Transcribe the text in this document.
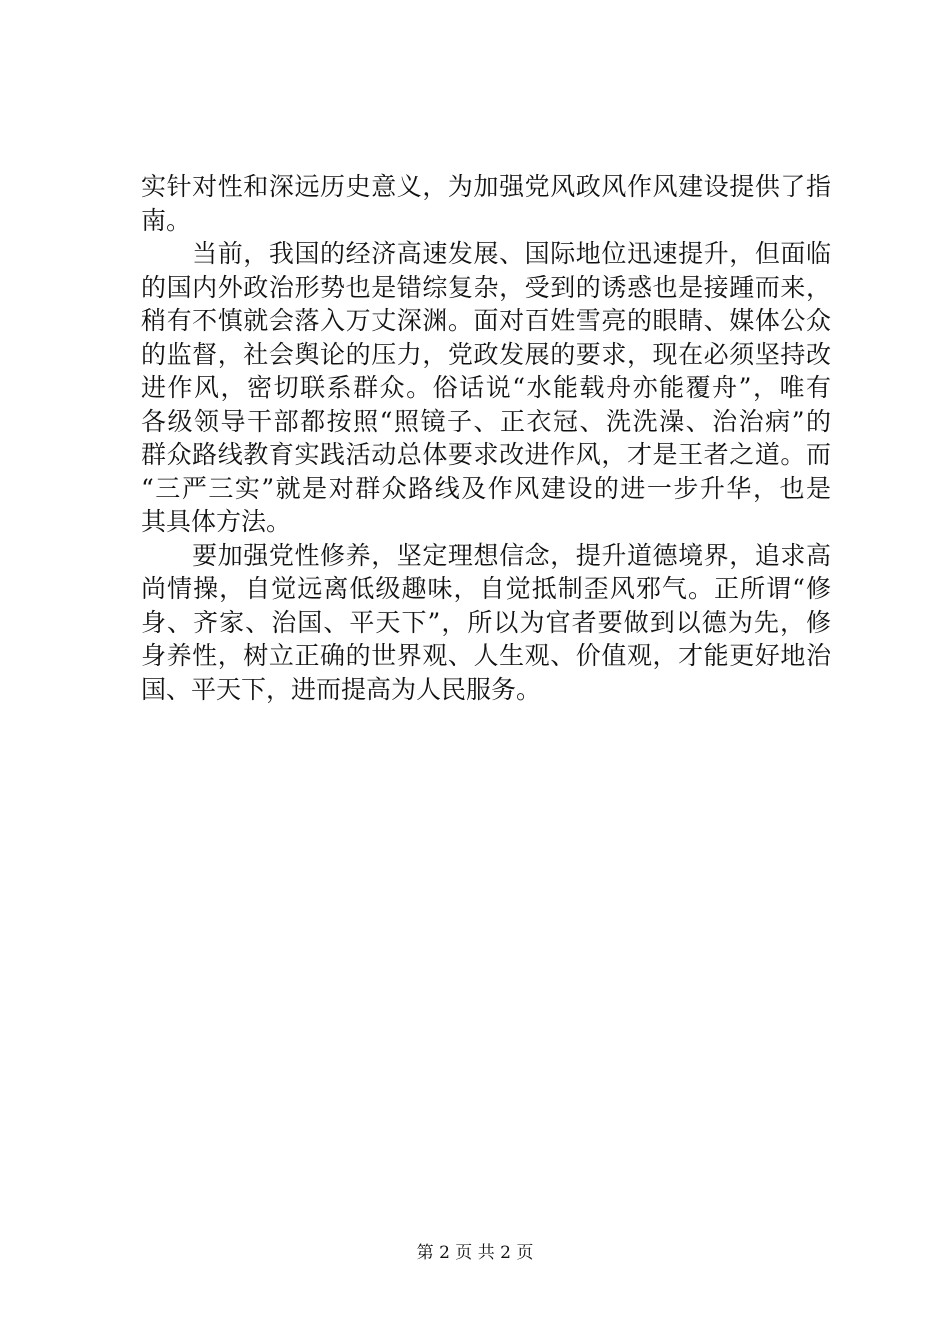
实针对性和深远历史意义，为加强党风政风作风建设提供了指
南。
　　当前，我国的经济高速发展、国际地位迅速提升，但面临
的国内外政治形势也是错综复杂，受到的诱惑也是接踵而来，
稍有不慎就会落入万丈深渊。面对百姓雪亮的眼睛、媒体公众
的监督，社会舆论的压力，党政发展的要求，现在必须坚持改
进作风，密切联系群众。俗话说“水能载舟亦能覆舟”，唯有
各级领导干部都按照“照镜子、正衣冠、洗洗澡、治治病”的
群众路线教育实践活动总体要求改进作风，才是王者之道。而
“三严三实”就是对群众路线及作风建设的进一步升华，也是
其具体方法。
　　要加强党性修养，坚定理想信念，提升道德境界，追求高
尚情操，自觉远离低级趣味，自觉抵制歪风邪气。正所谓“修
身、齐家、治国、平天下”，所以为官者要做到以德为先，修
身养性，树立正确的世界观、人生观、价值观，才能更好地治
国、平天下，进而提高为人民服务。
第 2 页 共 2 页
